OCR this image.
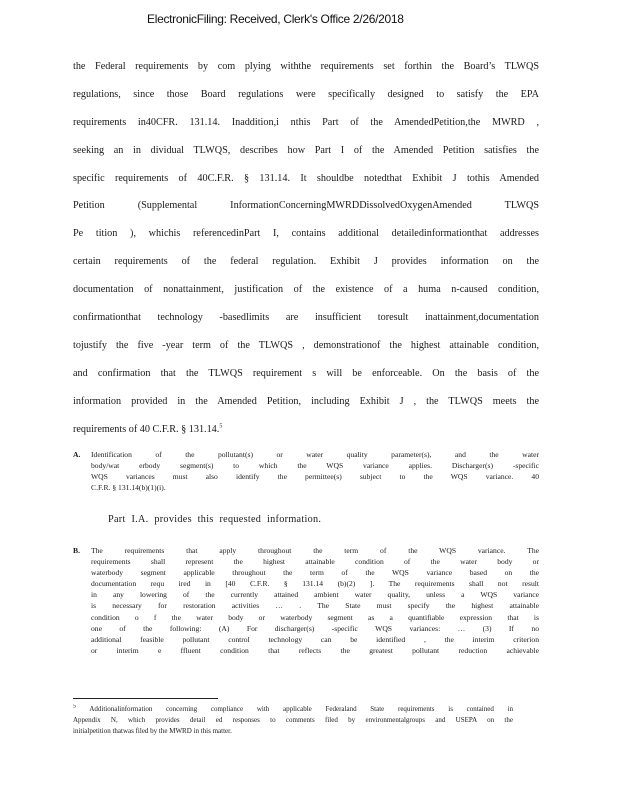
ElectronicFiling: Received, Clerk's Office 2/26/2018
the Federal requirements by com plying withthe requirements set forthin the Board’s TLWQS
regulations, since those Board regulations were specifically designed to satisfy the EPA
requirements in40CFR. 131.14. Inaddition,i nthis Part of the AmendedPetition,the MWRD ,
seeking an in dividual TLWQS, describes how Part I of the Amended Petition satisfies the
specific requirements of 40C.F.R. § 131.14. It shouldbe notedthat Exhibit J tothis Amended
Petition (Supplemental InformationConcerningMWRDDissolvedOxygenAmended TLWQS
Pe tition ), whichis referencedinPart I, contains additional detailedinformationthat addresses
certain requirements of the federal regulation. Exhibit J provides information on the
documentation of nonattainment, justification of the existence of a huma n-caused condition,
confirmationthat technology -basedlimits are insufficient toresult inattainment,documentation
tojustify the five -year term of the TLWQS , demonstrationof the highest attainable condition,
and confirmation that the TLWQS requirement s will be enforceable. On the basis of the
information provided in the Amended Petition, including Exhibit J , the TLWQS meets the
requirements of 40 C.F.R. § 131.14.$^5$
A.	Identification of the pollutant(s) or water quality parameter(s), and the water
body/wat erbody segment(s) to which the WQS variance applies. Discharger(s) -specific
WQS variances must also identify the permittee(s) subject to the WQS variance. 40
C.F.R. § 131.14(b)(1)(i).
Part I.A. provides this requested information.
B.	The requirements that apply throughout the term of the WQS variance. The
requirements shall represent the highest attainable condition of the water body or
waterbody segment applicable throughout the term of the WQS variance based on the
documentation requ ired in [40 C.F.R. § 131.14 (b)(2) ]. The requirements shall not result
in any lowering of the currently attained ambient water quality, unless a WQS variance
is necessary for restoration activities … . The State must specify the highest attainable
condition o f the water body or waterbody segment as a quantifiable expression that is
one of the following: (A) For discharger(s) -specific WQS variances: … (3) If no
additional feasible pollutant control technology can be identified , the interim criterion
or interim e ffluent condition that reflects the greatest pollutant reduction achievable
$^5$ Additionalinformation concerning compliance with applicable Federaland State requirements is contained in
Appendix N, which provides detail ed responses to comments filed by environmentalgroups and USEPA on the
initialpetition thatwas filed by the MWRD in this matter.
